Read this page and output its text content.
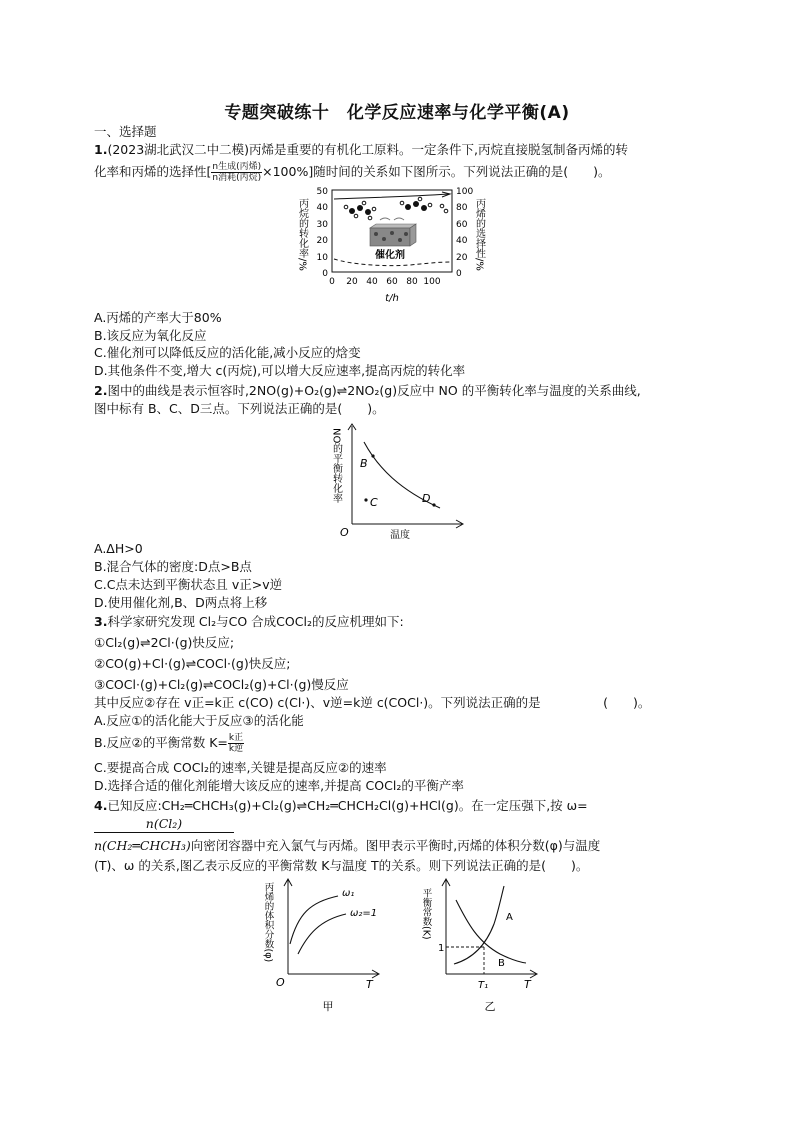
专题突破练十　化学反应速率与化学平衡(A)
一、选择题
1.(2023湖北武汉二中二模)丙烯是重要的有机化工原料。一定条件下,丙烷直接脱氢制备丙烯的转
化率和丙烯的选择性[ $\frac{\text{n生成(丙烯)}}{\text{n消耗(丙烷)}} \times 100\%$]随时间的关系如下图所示。下列说法正确的是(　　)。
0
10
20
30
40
50
0
20
40
60
80
100
0 20 40 60 80 100
t/h
丙烷的转化率/%	丙烯的选择性/%
催化剂
A.丙烯的产率大于80%
B.该反应为氧化反应
C.催化剂可以降低反应的活化能,减小反应的焓变
D.其他条件不变,增大 c(丙烷),可以增大反应速率,提高丙烷的转化率
2.图中的曲线是表示恒容时,2NO(g)+O₂(g)⇌2NO₂(g)反应中 NO 的平衡转化率与温度的关系曲线,
图中标有 B、C、D三点。下列说法正确的是(　　)。
B
D
C
O	温度
NO的平衡转化率
A.ΔH>0
B.混合气体的密度:D点>B点
C.C点未达到平衡状态且 v正>v逆
D.使用催化剂,B、D两点将上移
3.科学家研究发现 Cl₂与CO 合成COCl₂的反应机理如下:
①Cl₂(g)⇌2Cl·(g)快反应;
②CO(g)+Cl·(g)⇌COCl·(g)快反应;
③COCl·(g)+Cl₂(g)⇌COCl₂(g)+Cl·(g)慢反应
其中反应②存在 v正=k正 c(CO) c(Cl·)、v逆=k逆 c(COCl·)。下列说法正确的是　　　　　(　　)。
A.反应①的活化能大于反应③的活化能
B.反应②的平衡常数 $K= \frac{\text{k正}}{\text{k逆}}$
C.要提高合成 COCl₂的速率,关键是提高反应②的速率
D.选择合适的催化剂能增大该反应的速率,并提高 COCl₂的平衡产率
4.已知反应:CH₂═CHCH₃(g)+Cl₂(g)⇌CH₂═CHCH₂Cl(g)+HCl(g)。在一定压强下,按 ω=
n(Cl₂)
n(CH₂═CHCH₃)向密闭容器中充入氯气与丙烯。图甲表示平衡时,丙烯的体积分数(φ)与温度
(T)、ω 的关系,图乙表示反应的平衡常数 K与温度 T的关系。则下列说法正确的是(　　)。
ω₁
ω₂=1
O	T
丙烯的体积分数(φ)
甲
A
B
1
T₁	T
平衡常数(K)
乙
